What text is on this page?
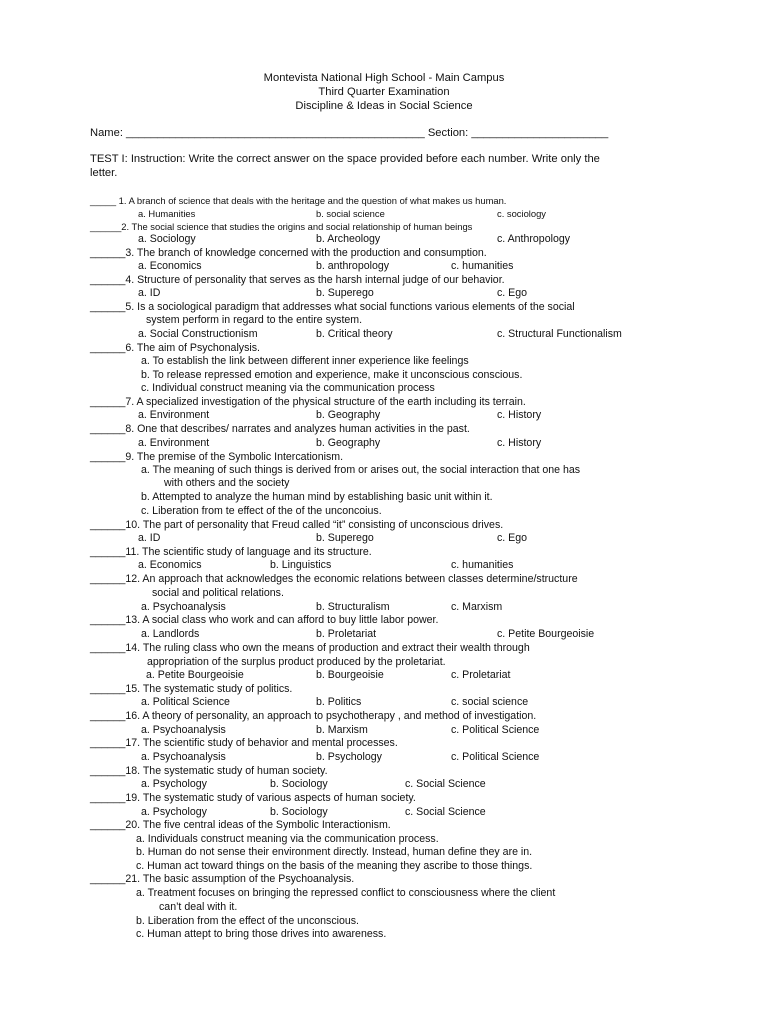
Montevista National High School - Main Campus
Third Quarter Examination
Discipline & Ideas in Social Science
Name: ________________________________________________ Section: ______________________
TEST I: Instruction: Write the correct answer on the space provided before each number. Write only the
letter.
_____ 1. A branch of science that deals with the heritage and the question of what makes us human.
a. Humanities	b. social science	c. sociology
______2. The social science that studies the origins and social relationship of human beings
a. Sociology	b. Archeology	c. Anthropology
______3. The branch of knowledge concerned with the production and consumption.
a. Economics	b. anthropology	c. humanities
______4. Structure of personality that serves as the harsh internal judge of our behavior.
a. ID	b. Superego	c. Ego
______5. Is a sociological paradigm that addresses what social functions various elements of the social
system perform in regard to the entire system.
a. Social Constructionism	b. Critical theory	c. Structural Functionalism
______6. The aim of Psychonalysis.
a. To establish the link between different inner experience like feelings
b. To release repressed emotion and experience, make it unconscious conscious.
c. Individual construct meaning via the communication process
______7. A specialized investigation of the physical structure of the earth including its terrain.
a. Environment	b. Geography	c. History
______8. One that describes/ narrates and analyzes human activities in the past.
a. Environment	b. Geography	c. History
______9. The premise of the Symbolic Intercationism.
a. The meaning of such things is derived from or arises out, the social interaction that one has
with others and the society
b. Attempted to analyze the human mind by establishing basic unit within it.
c. Liberation from te effect of the of the unconcoius.
______10. The part of personality that Freud called “it” consisting of unconscious drives.
a. ID	b. Superego	c. Ego
______11. The scientific study of language and its structure.
a. Economics	b. Linguistics	c. humanities
______12. An approach that acknowledges the economic relations between classes determine/structure
social and political relations.
a. Psychoanalysis	b. Structuralism	c. Marxism
______13. A social class who work and can afford to buy little labor power.
a. Landlords	b. Proletariat	c. Petite Bourgeoisie
______14. The ruling class who own the means of production and extract their wealth through
appropriation of the surplus product produced by the proletariat.
a. Petite Bourgeoisie	b. Bourgeoisie	c. Proletariat
______15. The systematic study of politics.
a. Political Science	b. Politics	c. social science
______16. A theory of personality, an approach to psychotherapy , and method of investigation.
a. Psychoanalysis	b. Marxism	c. Political Science
______17. The scientific study of behavior and mental processes.
a. Psychoanalysis	b. Psychology	c. Political Science
______18. The systematic study of human society.
a. Psychology	b. Sociology	c. Social Science
______19. The systematic study of various aspects of human society.
a. Psychology	b. Sociology	c. Social Science
______20. The five central ideas of the Symbolic Interactionism.
a. Individuals construct meaning via the communication process.
b. Human do not sense their environment directly. Instead, human define they are in.
c. Human act toward things on the basis of the meaning they ascribe to those things.
______21. The basic assumption of the Psychoanalysis.
a. Treatment focuses on bringing the repressed conflict to consciousness where the client
can’t deal with it.
b. Liberation from the effect of the unconscious.
c. Human attept to bring those drives into awareness.
